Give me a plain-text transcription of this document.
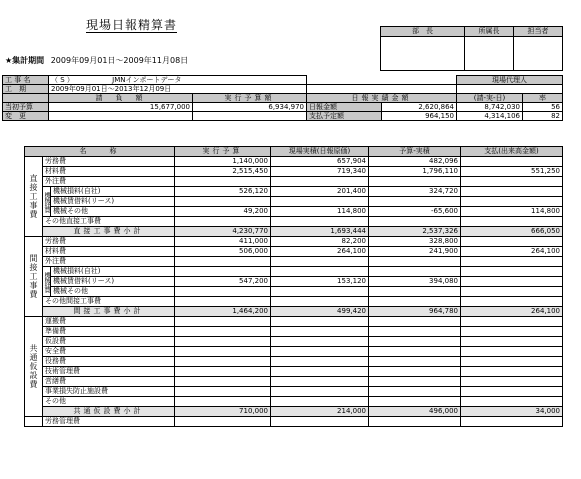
現場日報精算書
★集計期間 2009年09月01日～2009年11月08日
部　長	所属長	担当者

工 事 名	（ S ） JMNインポートデータ				現場代理人	
工　期	2009年09月01日～2013年12月09日					
	請　負　額	実行予算額	日報実績金額		(請-実-日)	率
当初予算	15,677,000	6,934,970	日報金額	2,620,864	8,742,030	56
変　更			支払予定額	964,150	4,314,106	82
名　　称			実行予算	現場実積(日報原価)	予算-実積	支払(出来高金額)
直接工事費	労務費		1,140,000	657,904	482,096	
	材料費		2,515,450	719,340	1,796,110	551,250
	外注費					
	機械経費	機械損料(自社)	526,120	201,400	324,720	
		機械賃借料(リース)				
		機械その他	49,200	114,800	-65,600	114,800
	その他直接工事費					
	直接工事費小計		4,230,770	1,693,444	2,537,326	666,050
間接工事費	労務費		411,000	82,200	328,800	
	材料費		506,000	264,100	241,900	264,100
	外注費					
	機械経費	機械損料(自社)				
		機械賃借料(リース)	547,200	153,120	394,080	
		機械その他				
	その他間接工事費					
	間接工事費小計		1,464,200	499,420	964,780	264,100
共通仮設費	運搬費					
	準備費					
	仮設費					
	安全費					
	役務費					
	技術管理費					
	営繕費					
	事業損失防止施設費					
	その他					
	共通仮設費小計		710,000	214,000	496,000	34,000
	労務管理費					
